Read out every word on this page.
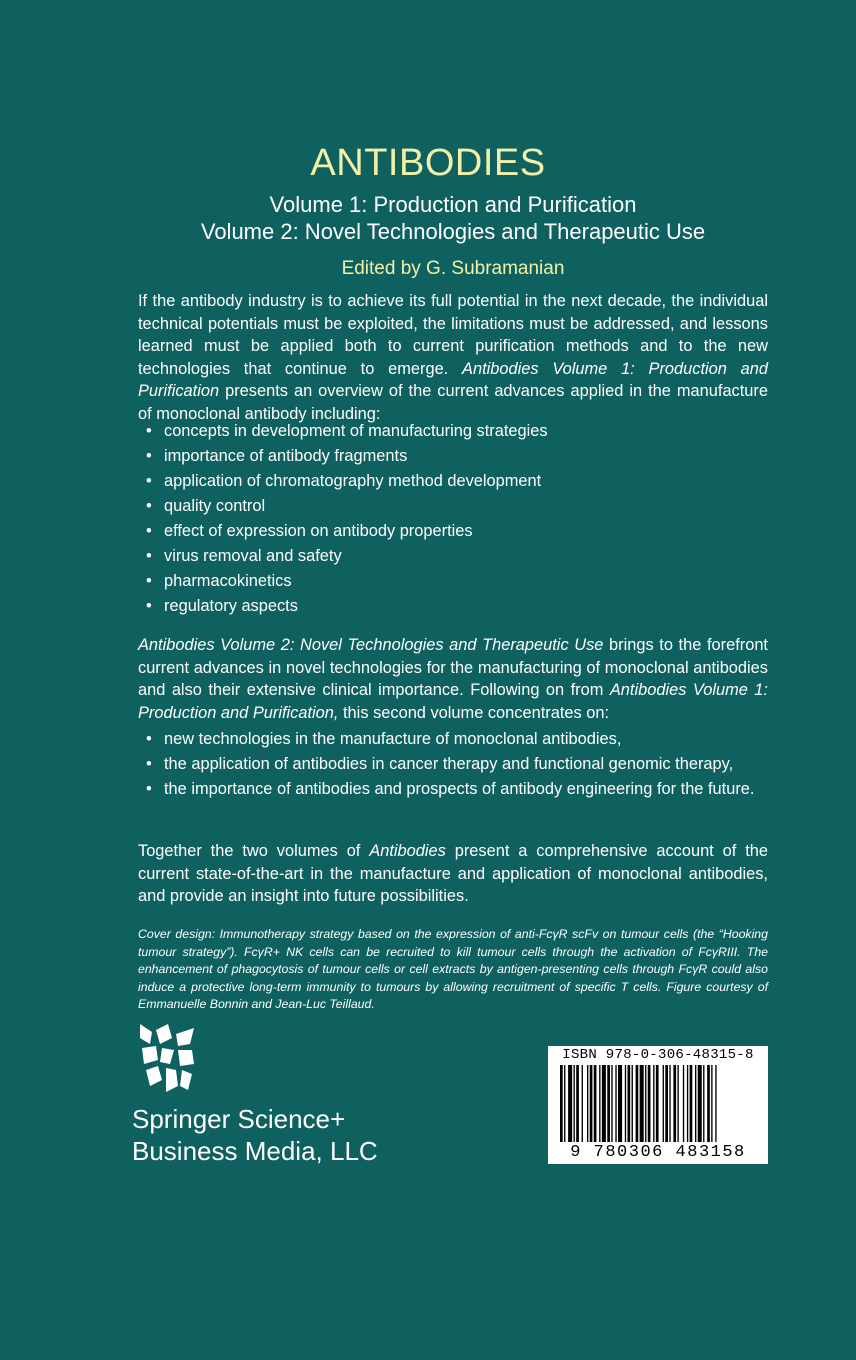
ANTIBODIES
Volume 1: Production and Purification
Volume 2: Novel Technologies and Therapeutic Use
Edited by G. Subramanian

If the antibody industry is to achieve its full potential in the next decade, the individual technical potentials must be exploited, the limitations must be addressed, and lessons learned must be applied both to current purification methods and to the new technologies that continue to emerge. Antibodies Volume 1: Production and Purification presents an overview of the current advances applied in the manufacture of monoclonal antibody including:

• concepts in development of manufacturing strategies
• importance of antibody fragments
• application of chromatography method development
• quality control
• effect of expression on antibody properties
• virus removal and safety
• pharmacokinetics
• regulatory aspects

Antibodies Volume 2: Novel Technologies and Therapeutic Use brings to the forefront current advances in novel technologies for the manufacturing of monoclonal antibodies and also their extensive clinical importance. Following on from Antibodies Volume 1: Production and Purification, this second volume concentrates on:

• new technologies in the manufacture of monoclonal antibodies,
• the application of antibodies in cancer therapy and functional genomic therapy,
• the importance of antibodies and prospects of antibody engineering for the future.

Together the two volumes of Antibodies present a comprehensive account of the current state-of-the-art in the manufacture and application of monoclonal antibodies, and provide an insight into future possibilities.

Cover design: Immunotherapy strategy based on the expression of anti-FcγR scFv on tumour cells (the “Hooking tumour strategy”). FcγR+ NK cells can be recruited to kill tumour cells through the activation of FcγRIII. The enhancement of phagocytosis of tumour cells or cell extracts by antigen-presenting cells through FcγR could also induce a protective long-term immunity to tumours by allowing recruitment of specific T cells. Figure courtesy of Emmanuelle Bonnin and Jean-Luc Teillaud.

Springer Science+
Business Media, LLC
ISBN 978-0-306-48315-8
9 780306 483158
